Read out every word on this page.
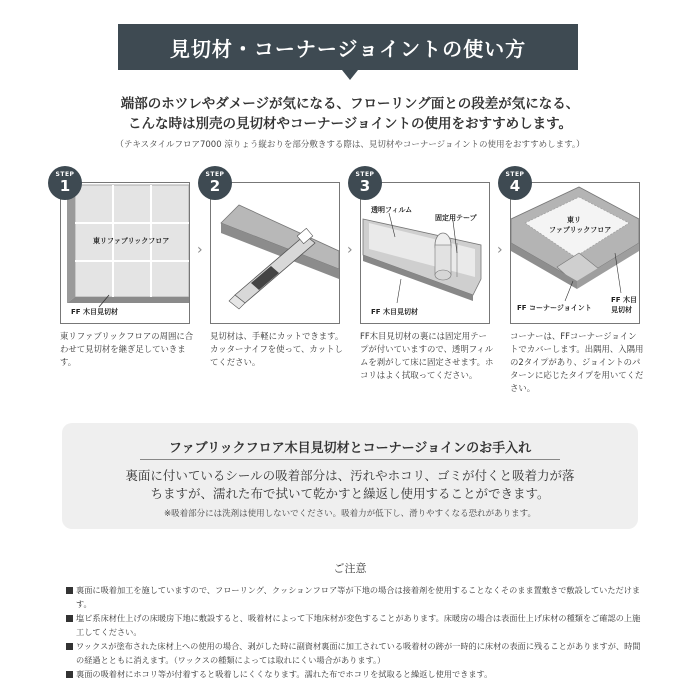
見切材・コーナージョイントの使い方
端部のホツレやダメージが気になる、フローリング面との段差が気になる、
こんな時は別売の見切材やコーナージョイントの使用をおすすめします。
（テキスタイルフロア7000 涼りょう縦おりを部分敷きする際は、見切材やコーナージョイントの使用をおすすめします。）
STEP
1
東リファブリックフロア
FF 木目見切材
›
東リファブリックフロアの周囲に合わせて見切材を継ぎ足していきます。
STEP
2
›
見切材は、手軽にカットできます。カッターナイフを使って、カットしてください。
STEP
3
透明フィルム
固定用テープ
FF 木目見切材
›
FF木目見切材の裏には固定用テープが付いていますので、透明フィルムを剥がして床に固定させます。ホコリはよく拭取ってください。
STEP
4
東リ
ファブリックフロア
FF コーナージョイント
FF 木目
見切材
コーナーは、FFコーナージョイントでカバーします。出隅用、入隅用の2タイプがあり、ジョイントのパターンに応じたタイプを用いてください。
ファブリックフロア木目見切材とコーナージョインのお手入れ
裏面に付いているシールの吸着部分は、汚れやホコリ、ゴミが付くと吸着力が落
ちますが、濡れた布で拭いて乾かすと繰返し使用することができます。
※吸着部分には洗剤は使用しないでください。吸着力が低下し、滑りやすくなる恐れがあります。
ご注意
裏面に吸着加工を施していますので、フローリング、クッションフロア等が下地の場合は接着剤を使用することなくそのまま置敷きで敷設していただけます。
塩ビ系床材仕上げの床暖房下地に敷設すると、吸着材によって下地床材が変色することがあります。床暖房の場合は表面仕上げ床材の種類をご確認の上施工してください。
ワックスが塗布された床材上への使用の場合、剥がした時に副資材裏面に加工されている吸着材の跡が一時的に床材の表面に残ることがありますが、時間の経過とともに消えます。（ワックスの種類によっては取れにくい場合があります。）
裏面の吸着材にホコリ等が付着すると吸着しにくくなります。濡れた布でホコリを拭取ると繰返し使用できます。
